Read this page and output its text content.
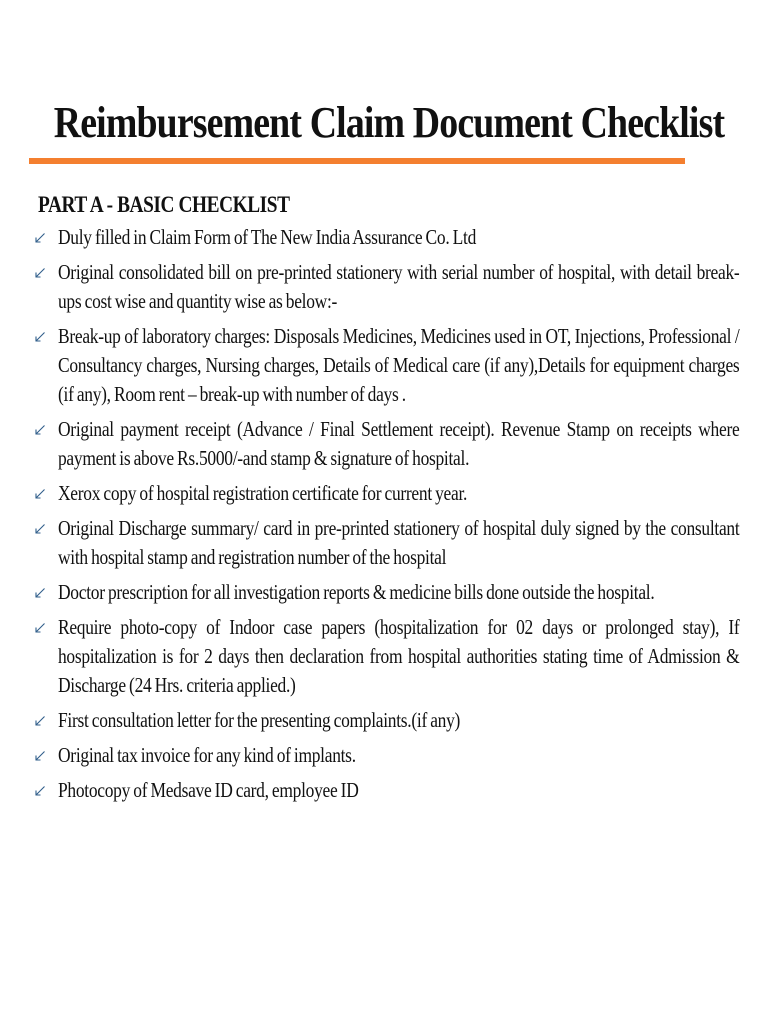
Reimbursement Claim Document Checklist
PART A - BASIC CHECKLIST
Duly filled in Claim Form of The New India Assurance Co. Ltd
Original consolidated bill on pre-printed stationery with serial number of hospital, with detail break-ups cost wise and quantity wise as below:-
Break-up of laboratory charges: Disposals Medicines, Medicines used in OT, Injections, Professional / Consultancy charges, Nursing charges, Details of Medical care (if any),Details for equipment charges (if any), Room rent – break-up with number of days .
Original payment receipt (Advance / Final Settlement receipt). Revenue Stamp on receipts where payment is above Rs.5000/-and stamp & signature of hospital.
Xerox copy of hospital registration certificate for current year.
Original Discharge summary/ card in pre-printed stationery of hospital duly signed by the consultant with hospital stamp and registration number of the hospital
Doctor prescription for all investigation reports & medicine bills done outside the hospital.
Require photo-copy of Indoor case papers (hospitalization for 02 days or prolonged stay), If hospitalization is for 2 days then declaration from hospital authorities stating time of Admission & Discharge (24 Hrs. criteria applied.)
First consultation letter for the presenting complaints.(if any)
Original tax invoice for any kind of implants.
Photocopy of Medsave ID card, employee ID
